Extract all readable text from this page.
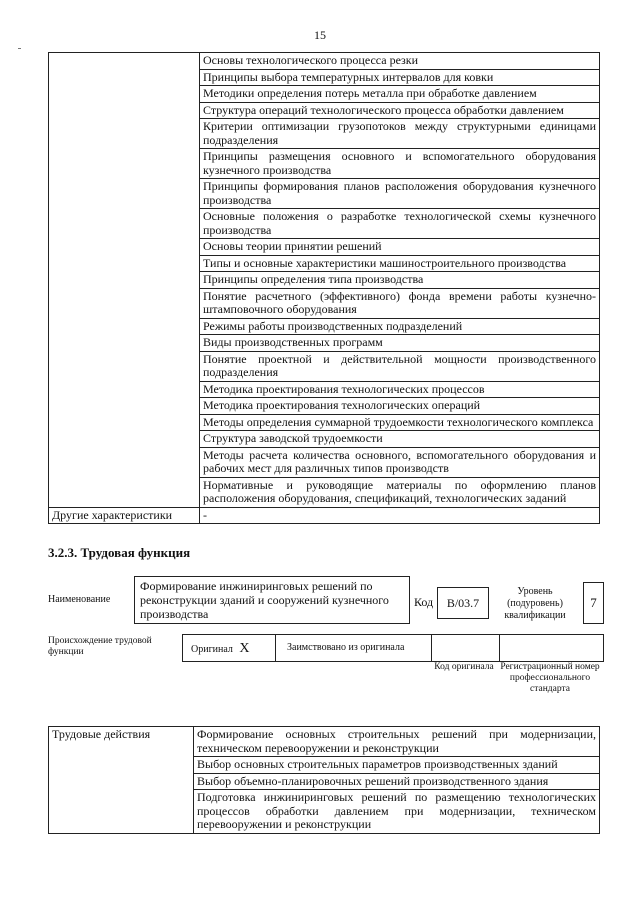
15
	Основы технологического процесса резки
	Принципы выбора температурных интервалов для ковки
	Методики определения потерь металла при обработке давлением
	Структура операций технологического процесса обработки давлением
	Критерии оптимизации грузопотоков между структурными единицами подразделения
	Принципы размещения основного и вспомогательного оборудования кузнечного производства
	Принципы формирования планов расположения оборудования кузнечного производства
	Основные положения о разработке технологической схемы кузнечного производства
	Основы теории принятии решений
	Типы и основные характеристики машиностроительного производства
	Принципы определения типа производства
	Понятие расчетного (эффективного) фонда времени работы кузнечно-штамповочного оборудования
	Режимы работы производственных подразделений
	Виды производственных программ
	Понятие проектной и действительной мощности производственного подразделения
	Методика проектирования технологических процессов
	Методика проектирования технологических операций
	Методы определения суммарной трудоемкости технологического комплекса
	Структура заводской трудоемкости
	Методы расчета количества основного, вспомогательного оборудования и рабочих мест для различных типов производств
	Нормативные и руководящие материалы по оформлению планов расположения оборудования, спецификаций, технологических заданий
Другие характеристики	-
3.2.3. Трудовая функция
Наименование
Формирование инжиниринговых решений по реконструкции зданий и сооружений кузнечного производства
Код	В/03.7
Уровень (подуровень) квалификации
7
Происхождение трудовой функции	Оригинал X	Заимствовано из оригинала
Код оригинала Регистрационный номер профессионального стандарта
Трудовые действия	Формирование основных строительных решений при модернизации, техническом перевооружении и реконструкции
Выбор основных строительных параметров производственных зданий
Выбор объемно-планировочных решений производственного здания
Подготовка инжиниринговых решений по размещению технологических процессов обработки давлением при модернизации, техническом перевооружении и реконструкции
